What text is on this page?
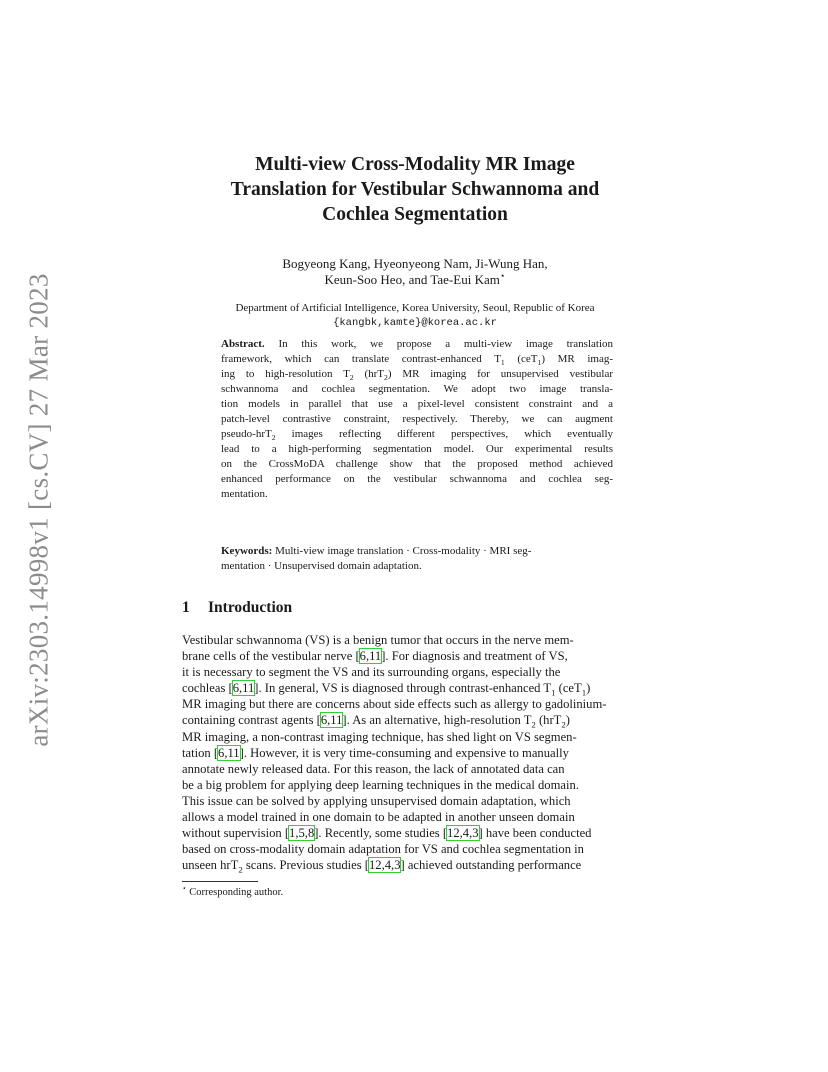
arXiv:2303.14998v1 [cs.CV] 27 Mar 2023
Multi-view Cross-Modality MR Image
Translation for Vestibular Schwannoma and
Cochlea Segmentation
Bogyeong Kang, Hyeonyeong Nam, Ji-Wung Han,
Keun-Soo Heo, and Tae-Eui Kam⋆
Department of Artificial Intelligence, Korea University, Seoul, Republic of Korea
{kangbk,kamte}@korea.ac.kr
Abstract. In this work, we propose a multi-view image translation
framework, which can translate contrast-enhanced $T_1$ (ceT$_1$) MR imag-
ing to high-resolution $T_2$ (hrT$_2$) MR imaging for unsupervised vestibular
schwannoma and cochlea segmentation. We adopt two image transla-
tion models in parallel that use a pixel-level consistent constraint and a
patch-level contrastive constraint, respectively. Thereby, we can augment
pseudo-hrT$_2$ images reflecting different perspectives, which eventually
lead to a high-performing segmentation model. Our experimental results
on the CrossMoDA challenge show that the proposed method achieved
enhanced performance on the vestibular schwannoma and cochlea seg-
mentation.
Keywords: Multi-view image translation · Cross-modality · MRI seg-
mentation · Unsupervised domain adaptation.
1 Introduction
Vestibular schwannoma (VS) is a benign tumor that occurs in the nerve mem-
brane cells of the vestibular nerve [6,11]. For diagnosis and treatment of VS,
it is necessary to segment the VS and its surrounding organs, especially the
cochleas [6,11]. In general, VS is diagnosed through contrast-enhanced $T_1$ (ceT$_1$)
MR imaging but there are concerns about side effects such as allergy to gadolinium-
containing contrast agents [6,11]. As an alternative, high-resolution $T_2$ (hrT$_2$)
MR imaging, a non-contrast imaging technique, has shed light on VS segmen-
tation [6,11]. However, it is very time-consuming and expensive to manually
annotate newly released data. For this reason, the lack of annotated data can
be a big problem for applying deep learning techniques in the medical domain.
This issue can be solved by applying unsupervised domain adaptation, which
allows a model trained in one domain to be adapted in another unseen domain
without supervision [1,5,8]. Recently, some studies [12,4,3] have been conducted
based on cross-modality domain adaptation for VS and cochlea segmentation in
unseen hrT$_2$ scans. Previous studies [12,4,3] achieved outstanding performance
⋆ Corresponding author.
